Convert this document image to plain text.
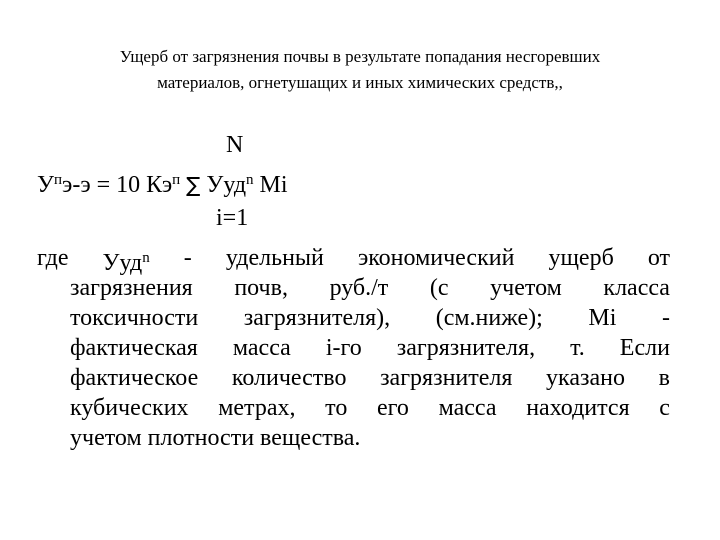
Ущерб от загрязнения почвы в результате попадания несгоревших
материалов, огнетушащих и иных химических средств,,
N
$У^пэ-э = 10$ $Кэ^п$ ∑ Ууд$^n$ Mi
i=1
где Ууд$^n$ - удельный экономический ущерб от
загрязнения почв, руб./т (с учетом класса
токсичности загрязнителя), (см.ниже); Mi -
фактическая масса i-го загрязнителя, т. Если
фактическое количество загрязнителя указано в
кубических метрах, то его масса находится с
учетом плотности вещества.
